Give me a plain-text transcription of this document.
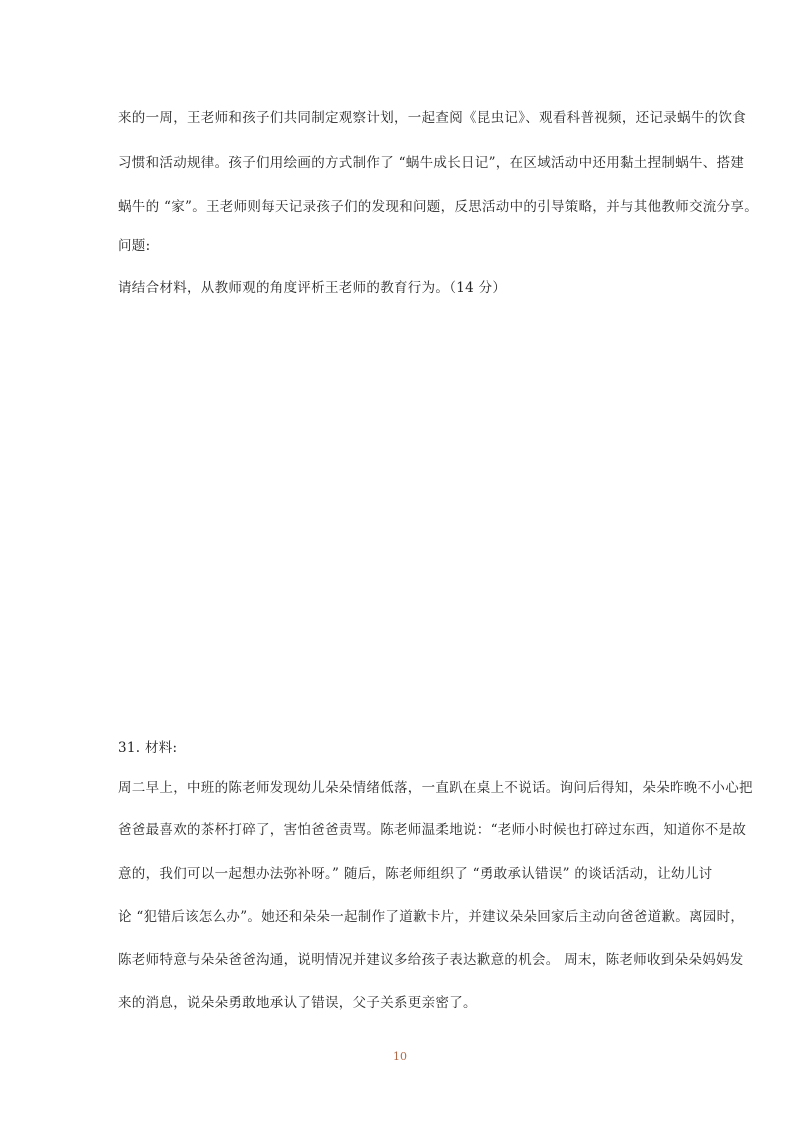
来的一周，王老师和孩子们共同制定观察计划，一起查阅《昆虫记》、观看科普视频，还记录蜗牛的饮食
习惯和活动规律。孩子们用绘画的方式制作了 “蜗牛成长日记”，在区域活动中还用黏土捏制蜗牛、搭建
蜗牛的 “家”。王老师则每天记录孩子们的发现和问题，反思活动中的引导策略，并与其他教师交流分享。
问题:
请结合材料，从教师观的角度评析王老师的教育行为。（14 分）
31. 材料:
周二早上，中班的陈老师发现幼儿朵朵情绪低落，一直趴在桌上不说话。询问后得知，朵朵昨晚不小心把
爸爸最喜欢的茶杯打碎了，害怕爸爸责骂。陈老师温柔地说：“老师小时候也打碎过东西，知道你不是故
意的，我们可以一起想办法弥补呀。” 随后，陈老师组织了 “勇敢承认错误” 的谈话活动，让幼儿讨
论 “犯错后该怎么办”。她还和朵朵一起制作了道歉卡片，并建议朵朵回家后主动向爸爸道歉。离园时，
陈老师特意与朵朵爸爸沟通，说明情况并建议多给孩子表达歉意的机会。 周末，陈老师收到朵朵妈妈发
来的消息，说朵朵勇敢地承认了错误，父子关系更亲密了。
10
